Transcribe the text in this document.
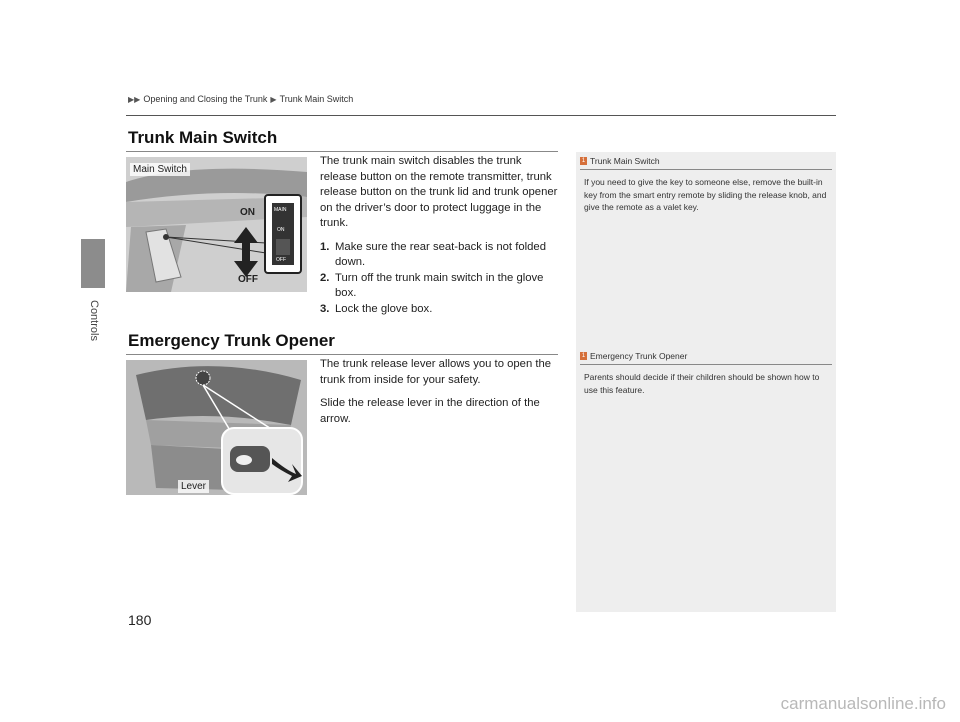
Controls
▶▶ Opening and Closing the Trunk ▶ Trunk Main Switch
Trunk Main Switch
Main Switch
ON
OFF
MAIN
ON
OFF

The trunk main switch disables the trunk release button on the remote transmitter, trunk release button on the trunk lid and trunk opener on the driver’s door to protect luggage in the trunk.

1. Make sure the rear seat-back is not folded down.
2. Turn off the trunk main switch in the glove box.
3. Lock the glove box.
Emergency Trunk Opener
Lever

The trunk release lever allows you to open the trunk from inside for your safety.

Slide the release lever in the direction of the arrow.

1 Trunk Main Switch
If you need to give the key to someone else, remove the built-in key from the smart entry remote by sliding the release knob, and give the remote as a valet key.
1 Emergency Trunk Opener
Parents should decide if their children should be shown how to use this feature.
180
carmanualsonline.info
